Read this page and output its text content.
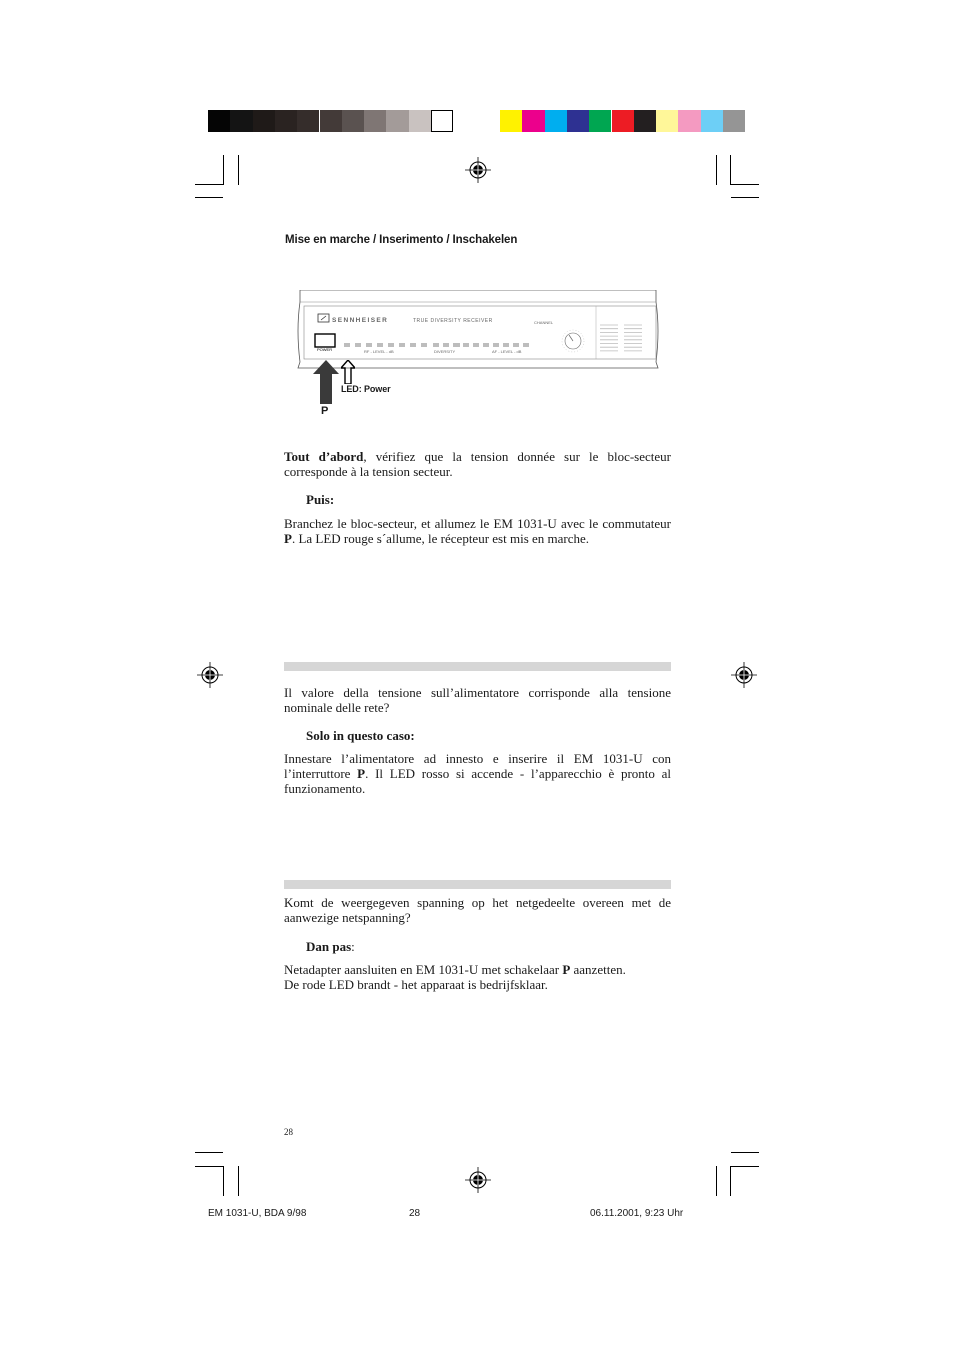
Mise en marche / Inserimento / Inschakelen
SENNHEISER	TRUE DIVERSITY RECEIVER
POWER	RF - LEVEL - dB	DIVERSITY	AF - LEVEL - dB
CHANNEL
LED: Power
P
Tout d’abord, vérifiez que la tension donnée sur le bloc-secteur corresponde à la tension secteur.
Puis:
Branchez le bloc-secteur, et allumez le EM 1031-U avec le commutateur P. La LED rouge s´allume, le récepteur est mis en marche.
Il valore della tensione sull’alimentatore corrisponde alla tensione nominale delle rete?
Solo in questo caso:
Innestare l’alimentatore ad innesto e inserire il EM 1031-U con l’interruttore P. Il LED rosso si accende - l’apparecchio è pronto al funzionamento.
Komt de weergegeven spanning op het netgedeelte overeen met de aanwezige netspanning?
Dan pas:
Netadapter aansluiten en EM 1031-U met schakelaar P aanzetten.
De rode LED brandt - het apparaat is bedrijfsklaar.
28
EM 1031-U, BDA 9/98	28	06.11.2001, 9:23 Uhr
